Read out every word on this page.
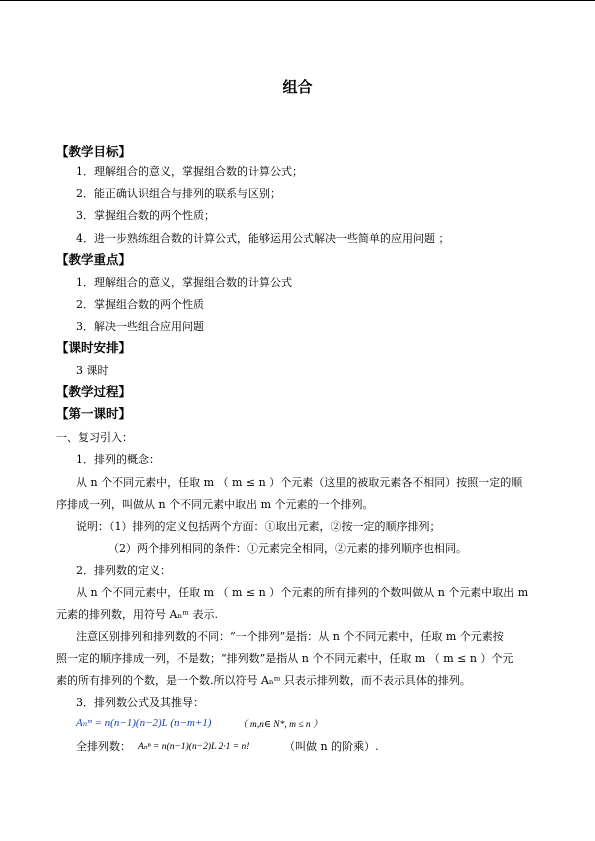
组合
【教学目标】
1．理解组合的意义，掌握组合数的计算公式；
2．能正确认识组合与排列的联系与区别；
3．掌握组合数的两个性质；
4．进一步熟练组合数的计算公式，能够运用公式解决一些简单的应用问题 ；
【教学重点】
1．理解组合的意义，掌握组合数的计算公式
2．掌握组合数的两个性质
3．解决一些组合应用问题
【课时安排】
3 课时
【教学过程】
【第一课时】
一、复习引入：
1．排列的概念：
从 n 个不同元素中，任取 m （ m ≤ n ）个元素（这里的被取元素各不相同）按照一定的顺
序排成一列，叫做从 n 个不同元素中取出 m 个元素的一个排列。
说明：（1）排列的定义包括两个方面：①取出元素，②按一定的顺序排列；
（2）两个排列相同的条件：①元素完全相同，②元素的排列顺序也相同。
2．排列数的定义：
从 n 个不同元素中，任取 m （ m ≤ n ）个元素的所有排列的个数叫做从 n 个元素中取出 m
元素的排列数，用符号 Aₙᵐ 表示.
注意区别排列和排列数的不同：“一个排列”是指：从 n 个不同元素中，任取 m 个元素按
照一定的顺序排成一列，不是数；“排列数”是指从 n 个不同元素中，任取 m （ m ≤ n ）个元
素的所有排列的个数，是一个数.所以符号 Aₙᵐ 只表示排列数，而不表示具体的排列。
3．排列数公式及其推导：
Aₙᵐ = n(n−1)(n−2)L (n−m+1)	（ m,n∈ N*, m ≤ n ）
全排列数： Aₙⁿ = n(n−1)(n−2)L 2·1 = n!	（叫做 n 的阶乘）.
